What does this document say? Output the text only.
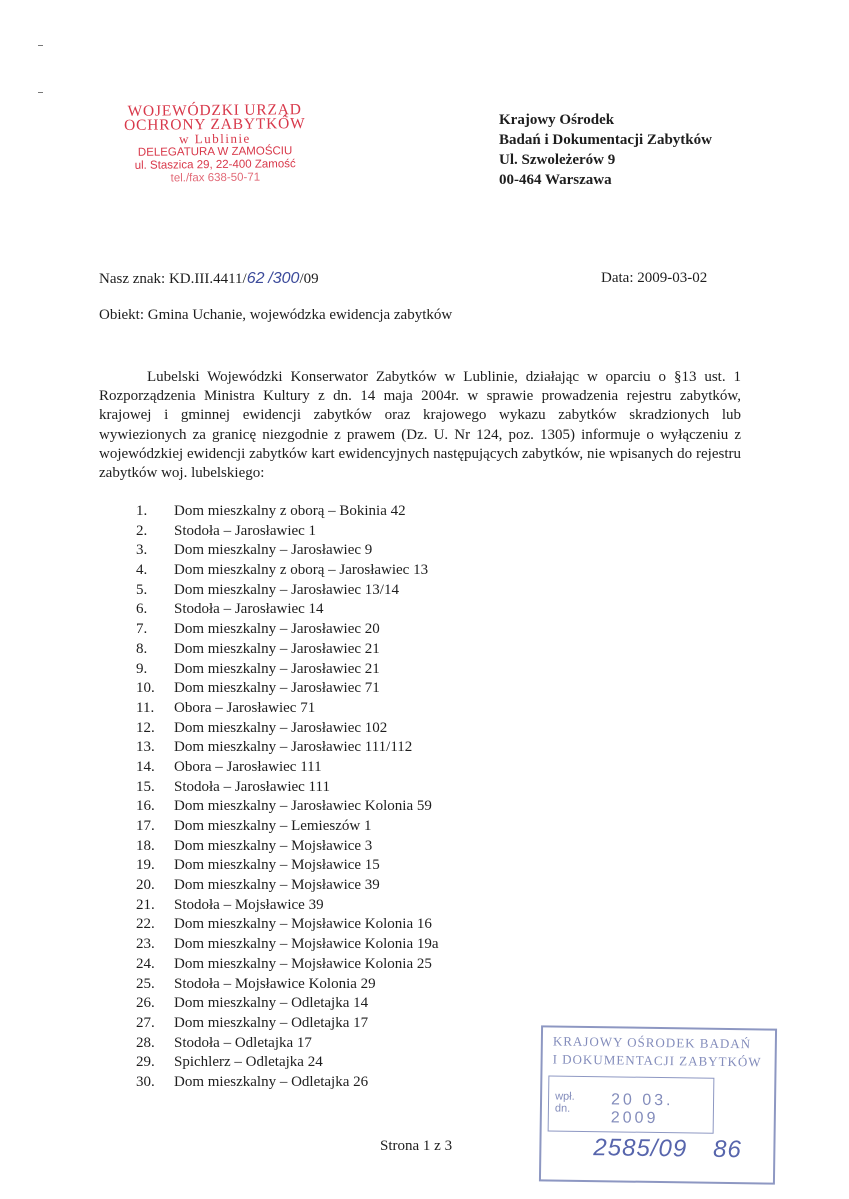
WOJEWÓDZKI URZĄD
OCHRONY ZABYTKÓW
w Lublinie
DELEGATURA W ZAMOŚCIU
ul. Staszica 29, 22-400 Zamość
tel./fax 638-50-71
Krajowy Ośrodek
Badań i Dokumentacji Zabytków
Ul. Szwoleżerów 9
00-464 Warszawa
Nasz znak: KD.III.4411/62 /300/09	Data: 2009-03-02
Obiekt: Gmina Uchanie, wojewódzka ewidencja zabytków
Lubelski Wojewódzki Konserwator Zabytków w Lublinie, działając w oparciu o §13 ust. 1 Rozporządzenia Ministra Kultury z dn. 14 maja 2004r. w sprawie prowadzenia rejestru zabytków, krajowej i gminnej ewidencji zabytków oraz krajowego wykazu zabytków skradzionych lub wywiezionych za granicę niezgodnie z prawem (Dz. U. Nr 124, poz. 1305) informuje o wyłączeniu z wojewódzkiej ewidencji zabytków kart ewidencyjnych następujących zabytków, nie wpisanych do rejestru zabytków woj. lubelskiego:
1. Dom mieszkalny z oborą – Bokinia 42
2. Stodoła – Jarosławiec 1
3. Dom mieszkalny – Jarosławiec 9
4. Dom mieszkalny z oborą – Jarosławiec 13
5. Dom mieszkalny – Jarosławiec 13/14
6. Stodoła – Jarosławiec 14
7. Dom mieszkalny – Jarosławiec 20
8. Dom mieszkalny – Jarosławiec 21
9. Dom mieszkalny – Jarosławiec 21
10. Dom mieszkalny – Jarosławiec 71
11. Obora – Jarosławiec 71
12. Dom mieszkalny – Jarosławiec 102
13. Dom mieszkalny – Jarosławiec 111/112
14. Obora – Jarosławiec 111
15. Stodoła – Jarosławiec 111
16. Dom mieszkalny – Jarosławiec Kolonia 59
17. Dom mieszkalny – Lemieszów 1
18. Dom mieszkalny – Mojsławice 3
19. Dom mieszkalny – Mojsławice 15
20. Dom mieszkalny – Mojsławice 39
21. Stodoła – Mojsławice 39
22. Dom mieszkalny – Mojsławice Kolonia 16
23. Dom mieszkalny – Mojsławice Kolonia 19a
24. Dom mieszkalny – Mojsławice Kolonia 25
25. Stodoła – Mojsławice Kolonia 29
26. Dom mieszkalny – Odletajka 14
27. Dom mieszkalny – Odletajka 17
28. Stodoła – Odletajka 17
29. Spichlerz – Odletajka 24
30. Dom mieszkalny – Odletajka 26
Strona 1 z 3
KRAJOWY OŚRODEK BADAŃ
I DOKUMENTACJI ZABYTKÓW
wpł.
dn.	20 03. 2009
2585/09 86
